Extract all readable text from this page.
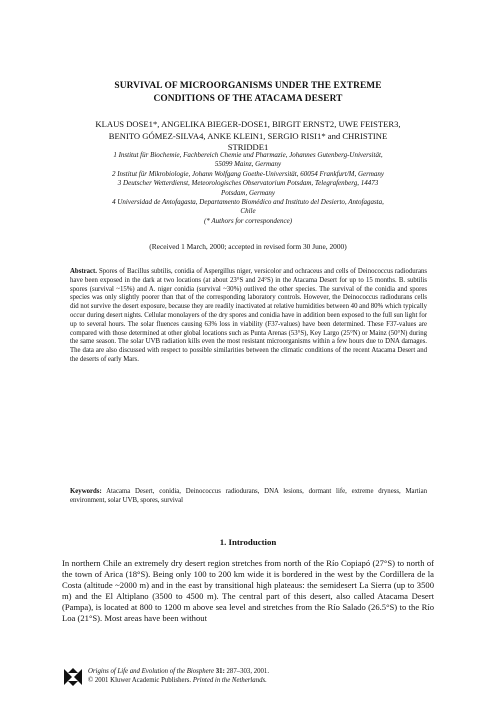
SURVIVAL OF MICROORGANISMS UNDER THE EXTREME
CONDITIONS OF THE ATACAMA DESERT
KLAUS DOSE1*, ANGELIKA BIEGER-DOSE1, BIRGIT ERNST2, UWE FEISTER3,
BENITO GÓMEZ-SILVA4, ANKE KLEIN1, SERGIO RISI1* and CHRISTINE
STRIDDE1
1 Institut für Biochemie, Fachbereich Chemie und Pharmazie, Johannes Gutenberg-Universität,
55099 Mainz, Germany
2 Institut für Mikrobiologie, Johann Wolfgang Goethe-Universität, 60054 Frankfurt/M, Germany
3 Deutscher Wetterdienst, Meteorologisches Observatorium Potsdam, Telegrafenberg, 14473
Potsdam, Germany
4 Universidad de Antofagasta, Departamento Biomédico and Instituto del Desierto, Antofagasta,
Chile
(* Authors for correspondence)
(Received 1 March, 2000; accepted in revised form 30 June, 2000)
Abstract. Spores of Bacillus subtilis, conidia of Aspergillus niger, versicolor and ochraceus and cells of Deinococcus radiodurans have been exposed in the dark at two locations (at about 23°S and 24°S) in the Atacama Desert for up to 15 months. B. subtilis spores (survival ~15%) and A. niger conidia (survival ~30%) outlived the other species. The survival of the conidia and spores species was only slightly poorer than that of the corresponding laboratory controls. However, the Deinococcus radiodurans cells did not survive the desert exposure, because they are readily inactivated at relative humidities between 40 and 80% which typically occur during desert nights. Cellular monolayers of the dry spores and conidia have in addition been exposed to the full sun light for up to several hours. The solar fluences causing 63% loss in viability (F37-values) have been determined. These F37-values are compared with those determined at other global locations such as Punta Arenas (53°S), Key Largo (25°N) or Mainz (50°N) during the same season. The solar UVB radiation kills even the most resistant microorganisms within a few hours due to DNA damages. The data are also discussed with respect to possible similarities between the climatic conditions of the recent Atacama Desert and the deserts of early Mars.
Keywords: Atacama Desert, conidia, Deinococcus radiodurans, DNA lesions, dormant life, extreme dryness, Martian environment, solar UVB, spores, survival
1. Introduction
In northern Chile an extremely dry desert region stretches from north of the Río Copiapó (27°S) to north of the town of Arica (18°S). Being only 100 to 200 km wide it is bordered in the west by the Cordillera de la Costa (altitude ~2000 m) and in the east by transitional high plateaus: the semidesert La Sierra (up to 3500 m) and the El Altiplano (3500 to 4500 m). The central part of this desert, also called Atacama Desert (Pampa), is located at 800 to 1200 m above sea level and stretches from the Río Salado (26.5°S) to the Río Loa (21°S). Most areas have been without
Origins of Life and Evolution of the Biosphere 31: 287–303, 2001.
© 2001 Kluwer Academic Publishers. Printed in the Netherlands.
